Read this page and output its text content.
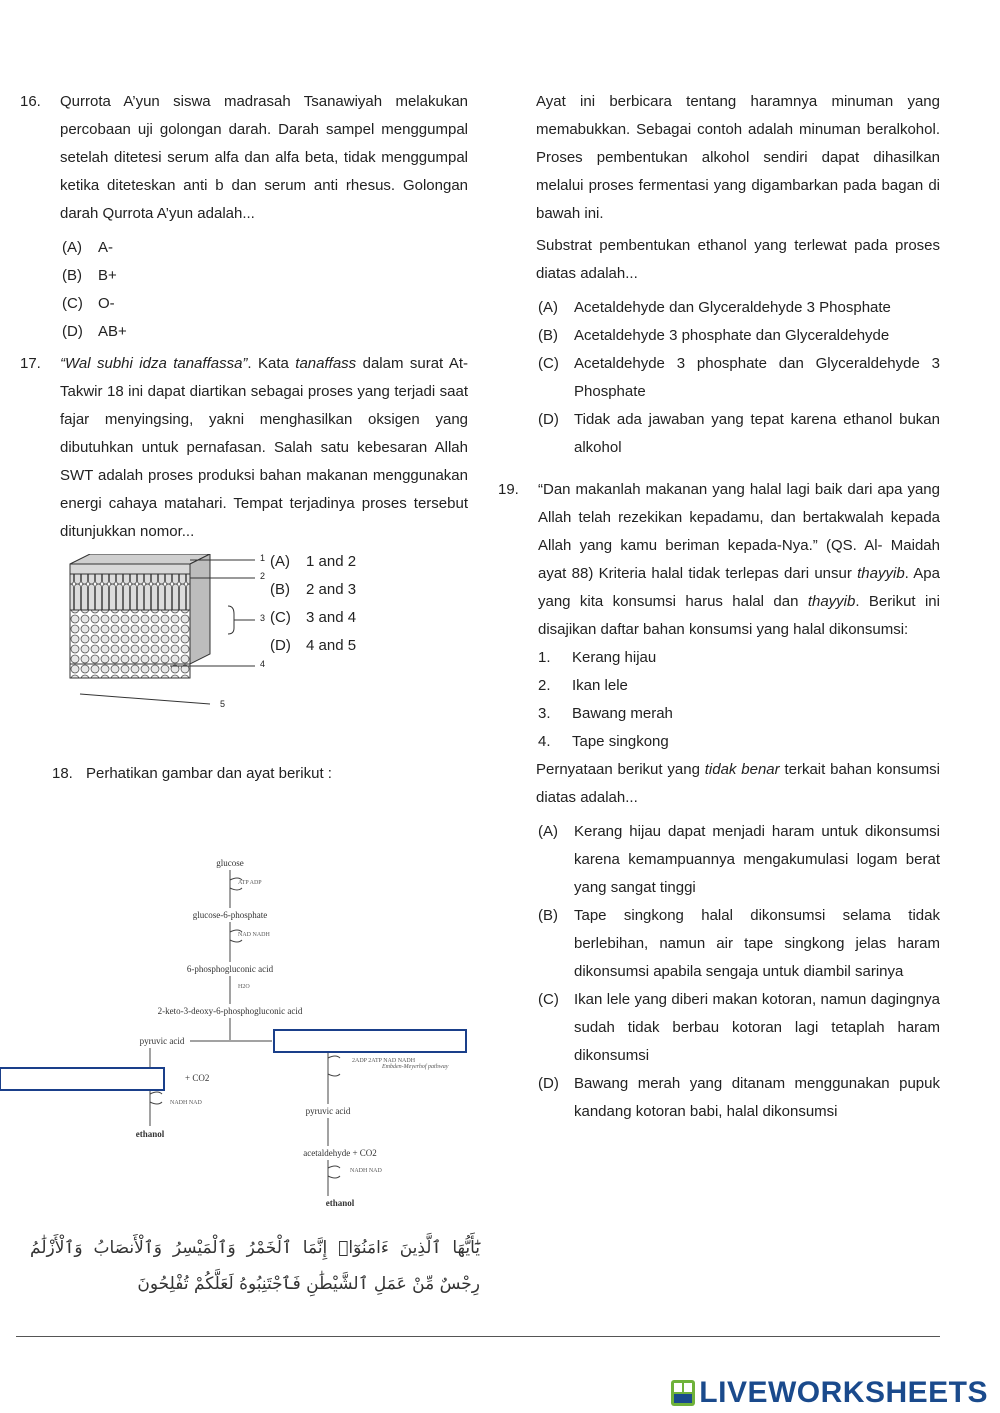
16.	Qurrota A’yun siswa madrasah Tsanawiyah melakukan percobaan uji golongan darah. Darah sampel menggumpal setelah ditetesi serum alfa dan alfa beta, tidak menggumpal ketika diteteskan anti b dan serum anti rhesus. Golongan darah Qurrota A’yun adalah...
(A)	A-
(B)	B+
(C)	O-
(D)	AB+
17.	“Wal subhi idza tanaffassa”. Kata tanaffass dalam surat At-Takwir 18 ini dapat diartikan sebagai proses yang terjadi saat fajar menyingsing, yakni menghasilkan oksigen yang dibutuhkan untuk pernafasan. Salah satu kebesaran Allah SWT adalah proses produksi bahan makanan menggunakan energi cahaya matahari. Tempat terjadinya proses tersebut ditunjukkan nomor...
1
2
3
4
5
(A)	1 and 2
(B)	2 and 3
(C)	3 and 4
(D)	4 and 5
18. Perhatikan gambar dan ayat berikut :
glucose
glucose-6-phosphate
6-phosphogluconic acid
2-keto-3-deoxy-6-phosphogluconic acid
pyruvic acid
+ CO2
ethanol
pyruvic acid
acetaldehyde + CO2
ethanol
ATP ADP
NAD NADH
H2O
NADH NAD
2ADP 2ATP NAD NADH
Embden-Meyerhof pathway
NADH NAD
يَٰٓأَيُّهَا ٱلَّذِينَ ءَامَنُوٓا۟ إِنَّمَا ٱلْخَمْرُ وَٱلْمَيْسِرُ وَٱلْأَنصَابُ وَٱلْأَزْلَٰمُ رِجْسٌ مِّنْ عَمَلِ ٱلشَّيْطَٰنِ فَٱجْتَنِبُوهُ لَعَلَّكُمْ تُفْلِحُونَ
Ayat ini berbicara tentang haramnya minuman yang memabukkan. Sebagai contoh adalah minuman beralkohol. Proses pembentukan alkohol sendiri dapat dihasilkan melalui proses fermentasi yang digambarkan pada bagan di bawah ini.
Substrat pembentukan ethanol yang terlewat pada proses diatas adalah...
(A)	Acetaldehyde dan Glyceraldehyde 3 Phosphate
(B)	Acetaldehyde 3 phosphate dan Glyceraldehyde
(C)	Acetaldehyde 3 phosphate dan Glyceraldehyde 3 Phosphate
(D)	Tidak ada jawaban yang tepat karena ethanol bukan alkohol
19.	“Dan makanlah makanan yang halal lagi baik dari apa yang Allah telah rezekikan kepadamu, dan bertakwalah kepada Allah yang kamu beriman kepada-Nya.” (QS. Al- Maidah ayat 88) Kriteria halal tidak terlepas dari unsur thayyib. Apa yang kita konsumsi harus halal dan thayyib. Berikut ini disajikan daftar bahan konsumsi yang halal dikonsumsi:
1.	Kerang hijau
2.	Ikan lele
3.	Bawang merah
4.	Tape singkong
Pernyataan berikut yang tidak benar terkait bahan konsumsi diatas adalah...
(A)	Kerang hijau dapat menjadi haram untuk dikonsumsi karena kemampuannya mengakumulasi logam berat yang sangat tinggi
(B)	Tape singkong halal dikonsumsi selama tidak berlebihan, namun air tape singkong jelas haram dikonsumsi apabila sengaja untuk diambil sarinya
(C)	Ikan lele yang diberi makan kotoran, namun dagingnya sudah tidak berbau kotoran lagi tetaplah haram dikonsumsi
(D)	Bawang merah yang ditanam menggunakan pupuk kandang kotoran babi, halal dikonsumsi
LIVEWORKSHEETS
